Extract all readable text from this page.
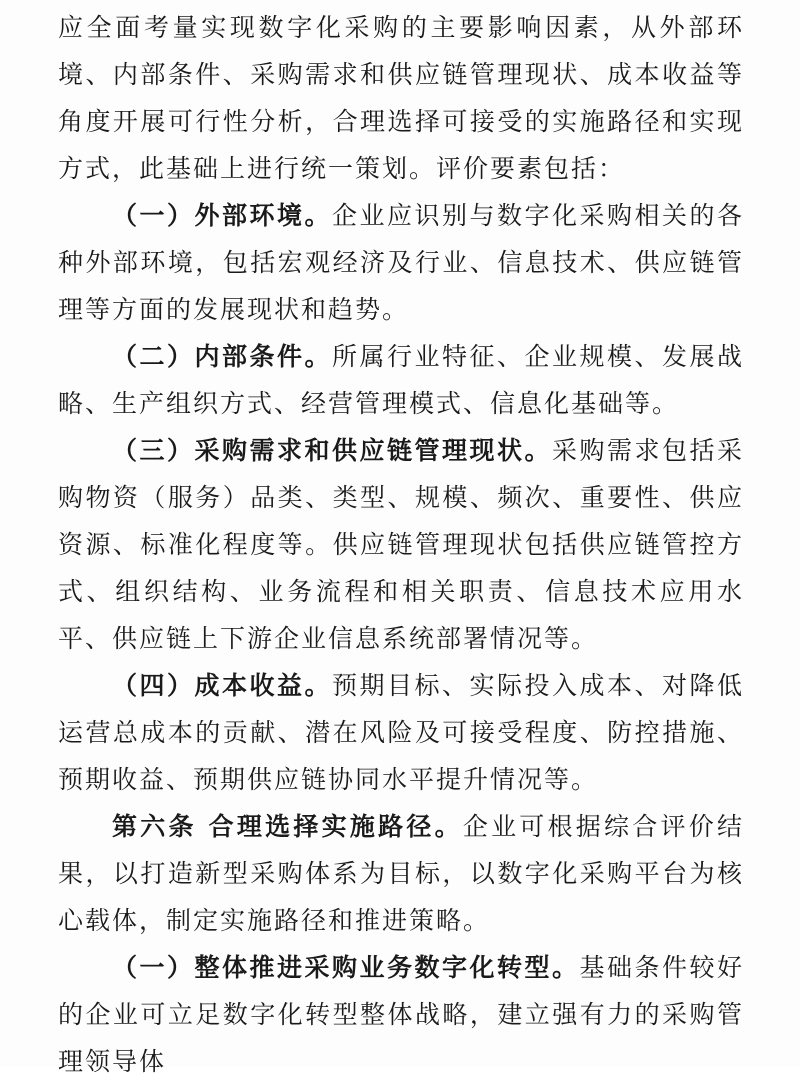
应全面考量实现数字化采购的主要影响因素，从外部环境、内部条件、采购需求和供应链管理现状、成本收益等角度开展可行性分析，合理选择可接受的实施路径和实现方式，此基础上进行统一策划。评价要素包括：

（一）外部环境。企业应识别与数字化采购相关的各种外部环境，包括宏观经济及行业、信息技术、供应链管理等方面的发展现状和趋势。

（二）内部条件。所属行业特征、企业规模、发展战略、生产组织方式、经营管理模式、信息化基础等。

（三）采购需求和供应链管理现状。采购需求包括采购物资（服务）品类、类型、规模、频次、重要性、供应资源、标准化程度等。供应链管理现状包括供应链管控方式、组织结构、业务流程和相关职责、信息技术应用水平、供应链上下游企业信息系统部署情况等。

（四）成本收益。预期目标、实际投入成本、对降低运营总成本的贡献、潜在风险及可接受程度、防控措施、预期收益、预期供应链协同水平提升情况等。

第六条 合理选择实施路径。企业可根据综合评价结果，以打造新型采购体系为目标，以数字化采购平台为核心载体，制定实施路径和推进策略。

（一）整体推进采购业务数字化转型。基础条件较好的企业可立足数字化转型整体战略，建立强有力的采购管理领导体
